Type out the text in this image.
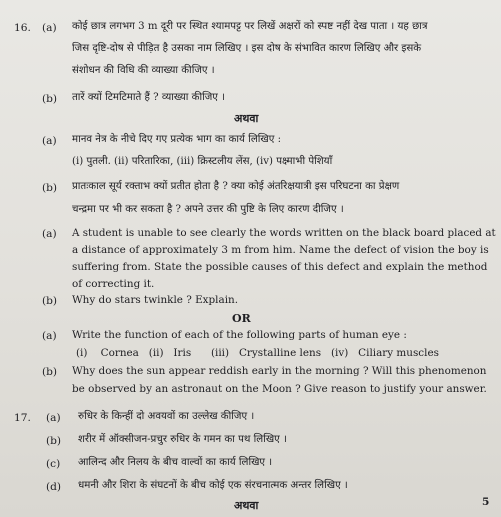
16. (a) कोई छात्र लगभग 3 m दूरी पर स्थित श्यामपट्ट पर लिखें अक्षरों को स्पष्ट नहीं देख पाता । यह छात्र
जिस दृष्टि-दोष से पीड़ित है उसका नाम लिखिए । इस दोष के संभावित कारण लिखिए और इसके
संशोधन की विधि की व्याख्या कीजिए ।
(b) तारें क्यों टिमटिमाते हैं ? व्याख्या कीजिए ।
अथवा
(a) मानव नेत्र के नीचे दिए गए प्रत्येक भाग का कार्य लिखिए :
(i) पुतली. (ii) परितारिका, (iii) क्रिस्टलीय लेंस, (iv) पक्ष्माभी पेशियाँ
(b) प्रातःकाल सूर्य रक्ताभ क्यों प्रतीत होता है ? क्या कोई अंतरिक्षयात्री इस परिघटना का प्रेक्षण
चन्द्रमा पर भी कर सकता है ? अपने उत्तर की पुष्टि के लिए कारण दीजिए ।
(a) A student is unable to see clearly the words written on the black board placed at
a distance of approximately 3 m from him. Name the defect of vision the boy is
suffering from. State the possible causes of this defect and explain the method
of correcting it.
(b) Why do stars twinkle ? Explain.
OR
(a) Write the function of each of the following parts of human eye :
(i)    Cornea   (ii)   Iris      (iii)   Crystalline lens   (iv)   Ciliary muscles
(b) Why does the sun appear reddish early in the morning ? Will this phenomenon
be observed by an astronaut on the Moon ? Give reason to justify your answer.
17. (a) रुधिर के किन्हीं दो अवयवों का उल्लेख कीजिए ।
(b) शरीर में ऑक्सीजन-प्रचुर रुधिर के गमन का पथ लिखिए ।
(c) आलिन्द और निलय के बीच वाल्वों का कार्य लिखिए ।
(d) धमनी और शिरा के संघटनों के बीच कोई एक संरचनात्मक अन्तर लिखिए ।
अथवा	5
